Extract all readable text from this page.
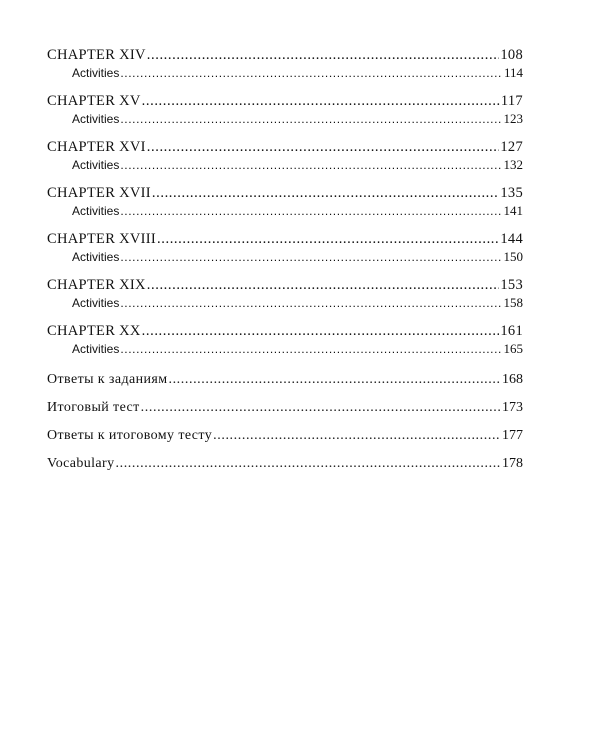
CHAPTER XIV .....	108
Activities .....	114
CHAPTER XV .....	117
Activities .....	123
CHAPTER XVI .....	127
Activities .....	132
CHAPTER XVII .....	135
Activities .....	141
CHAPTER XVIII .....	144
Activities .....	150
CHAPTER XIX .....	153
Activities .....	158
CHAPTER XX .....	161
Activities .....	165
Ответы к заданиям .....	168
Итоговый тест .....	173
Ответы к итоговому тесту .....	177
Vocabulary .....	178
